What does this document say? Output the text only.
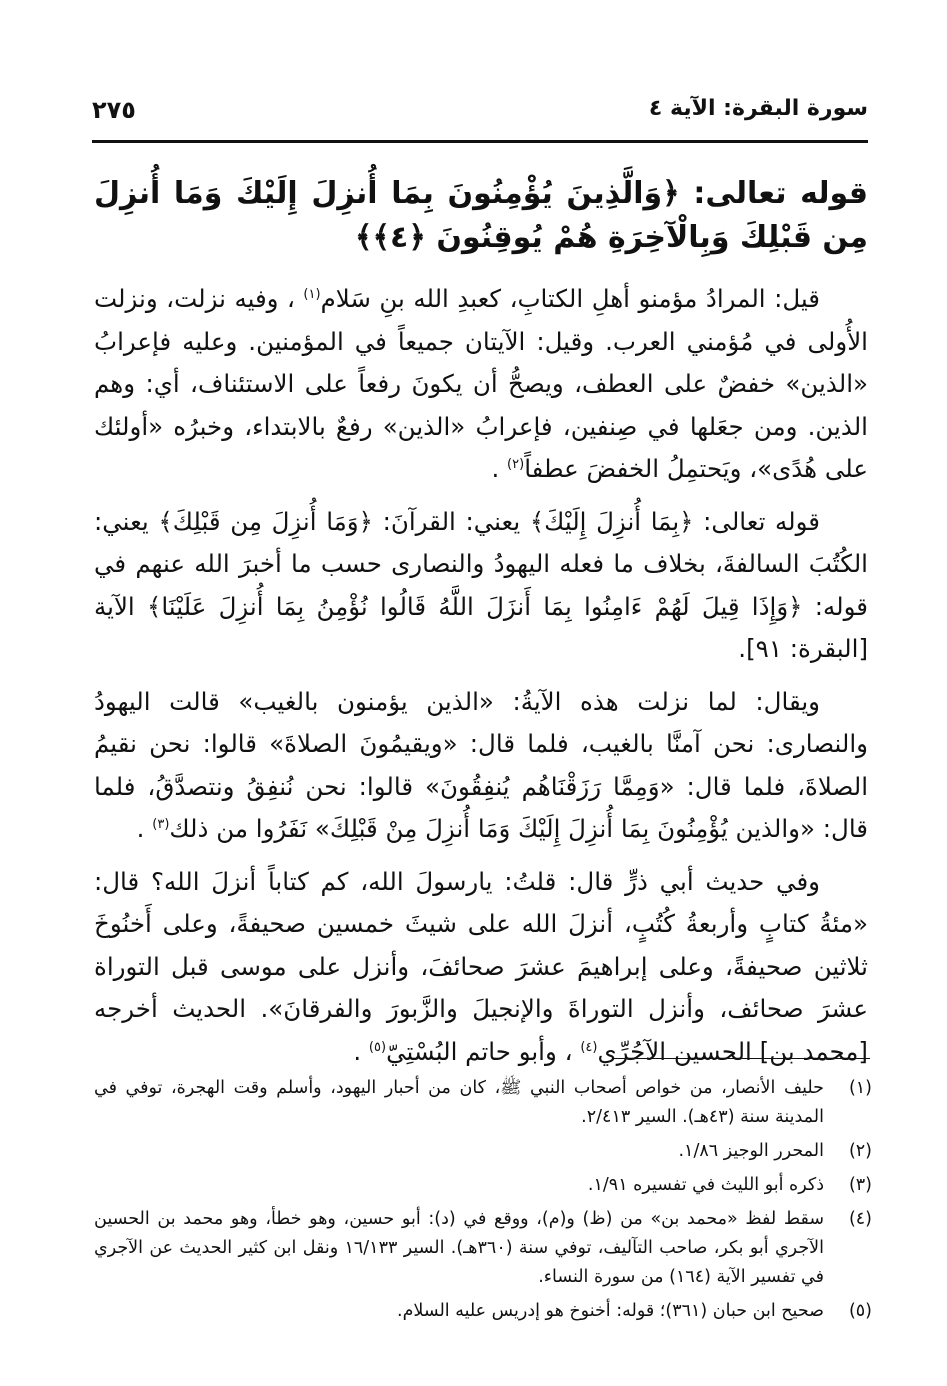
سورة البقرة: الآية ٤
٢٧٥
قوله تعالى: ﴿وَالَّذِينَ يُؤْمِنُونَ بِمَا أُنزِلَ إِلَيْكَ وَمَا أُنزِلَ مِن قَبْلِكَ وَبِالْآخِرَةِ هُمْ يُوقِنُونَ ﴿٤﴾﴾

قيل: المرادُ مؤمنو أهلِ الكتابِ، كعبدِ الله بنِ سَلام$^{(١)}$ ، وفيه نزلت، ونزلت الأُولى في مُؤمني العرب. وقيل: الآيتان جميعاً في المؤمنين. وعليه فإعرابُ «الذين» خفضٌ على العطف، ويصحُّ أن يكونَ رفعاً على الاستئناف، أي: وهم الذين. ومن جعَلها في صِنفين، فإعرابُ «الذين» رفعٌ بالابتداء، وخبرُه «أولئك على هُدًى»، ويَحتمِلُ الخفضَ عطفاً$^{(٢)}$ .

قوله تعالى: ﴿بِمَا أُنزِلَ إِلَيْكَ﴾ يعني: القرآنَ: ﴿وَمَا أُنزِلَ مِن قَبْلِكَ﴾ يعني: الكُتُبَ السالفةَ، بخلاف ما فعله اليهودُ والنصارى حسب ما أخبرَ الله عنهم في قوله: ﴿وَإِذَا قِيلَ لَهُمْ ءَامِنُوا بِمَا أَنزَلَ اللَّهُ قَالُوا نُؤْمِنُ بِمَا أُنزِلَ عَلَيْنَا﴾ الآية [البقرة: ٩١].

ويقال: لما نزلت هذه الآيةُ: «الذين يؤمنون بالغيب» قالت اليهودُ والنصارى: نحن آمنَّا بالغيب، فلما قال: «ويقيمُونَ الصلاةَ» قالوا: نحن نقيمُ الصلاةَ، فلما قال: «وَمِمَّا رَزَقْنَاهُم يُنفِقُونَ» قالوا: نحن نُنفِقُ ونتصدَّقُ، فلما قال: «والذين يُؤْمِنُونَ بِمَا أُنزِلَ إِلَيْكَ وَمَا أُنزِلَ مِنْ قَبْلِكَ» نَفَرُوا من ذلك$^{(٣)}$ .

وفي حديث أبي ذرٍّ قال: قلتُ: يارسولَ الله، كم كتاباً أنزلَ الله؟ قال: «مئةُ كتابٍ وأربعةُ كُتُبٍ، أنزلَ الله على شيثَ خمسين صحيفةً، وعلى أَخنُوخَ ثلاثين صحيفةً، وعلى إبراهيمَ عشرَ صحائفَ، وأنزل على موسى قبل التوراة عشرَ صحائف، وأنزل التوراةَ والإنجيلَ والزَّبورَ والفرقانَ». الحديث أخرجه [محمد بن] الحسين الآجُرِّي$^{(٤)}$ ، وأبو حاتم البُسْتِيّ$^{(٥)}$ .

(١)
حليف الأنصار، من خواص أصحاب النبي ﷺ، كان من أحبار اليهود، وأسلم وقت الهجرة، توفي في المدينة سنة (٤٣هـ). السير ٢/٤١٣.
(٢)
المحرر الوجيز ١/٨٦.
(٣)
ذكره أبو الليث في تفسيره ١/٩١.
(٤)
سقط لفظ «محمد بن» من (ظ) و(م)، ووقع في (د): أبو حسين، وهو خطأ، وهو محمد بن الحسين الآجري أبو بكر، صاحب التآليف، توفي سنة (٣٦٠هـ). السير ١٦/١٣٣ ونقل ابن كثير الحديث عن الآجري في تفسير الآية (١٦٤) من سورة النساء.
(٥)
صحيح ابن حبان (٣٦١)؛ قوله: أخنوخ هو إدريس عليه السلام.
